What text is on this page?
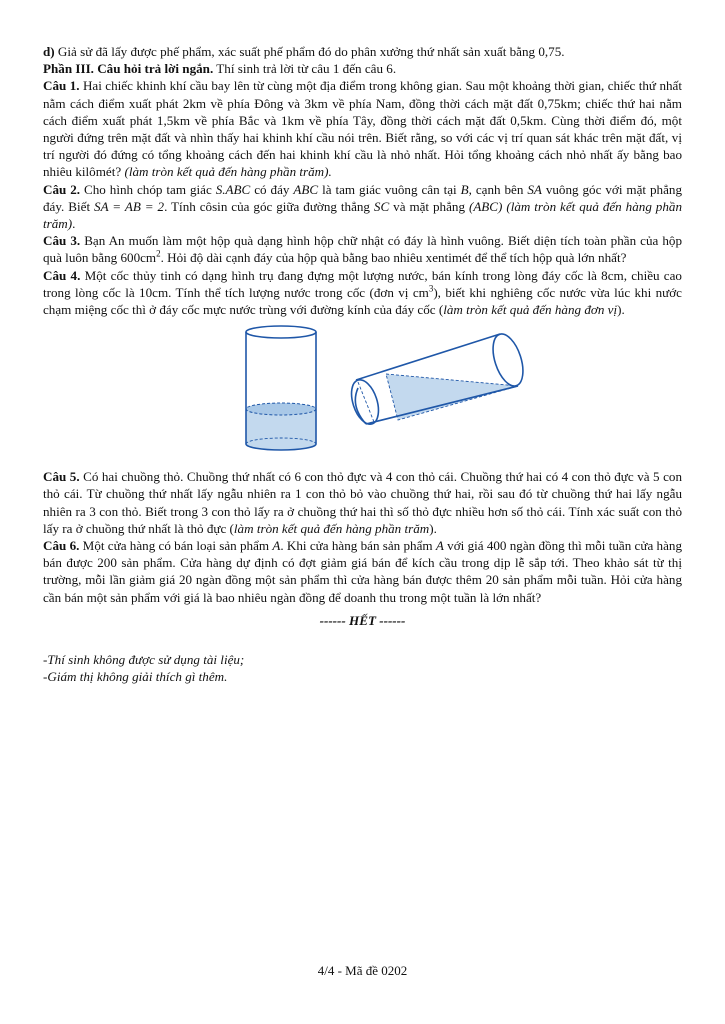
d) Giả sử đã lấy được phế phẩm, xác suất phế phẩm đó do phân xưởng thứ nhất sản xuất bằng 0,75.

Phần III. Câu hỏi trả lời ngắn. Thí sinh trả lời từ câu 1 đến câu 6.

Câu 1. Hai chiếc khinh khí cầu bay lên từ cùng một địa điểm trong không gian. Sau một khoảng thời gian, chiếc thứ nhất nằm cách điểm xuất phát 2km về phía Đông và 3km về phía Nam, đồng thời cách mặt đất 0,75km; chiếc thứ hai nằm cách điểm xuất phát 1,5km về phía Bắc và 1km về phía Tây, đồng thời cách mặt đất 0,5km. Cùng thời điểm đó, một người đứng trên mặt đất và nhìn thấy hai khinh khí cầu nói trên. Biết rằng, so với các vị trí quan sát khác trên mặt đất, vị trí người đó đứng có tổng khoảng cách đến hai khinh khí cầu là nhỏ nhất. Hỏi tổng khoảng cách nhỏ nhất ấy bằng bao nhiêu kilômét? (làm tròn kết quả đến hàng phần trăm).

Câu 2. Cho hình chóp tam giác S.ABC có đáy ABC là tam giác vuông cân tại B, cạnh bên SA vuông góc với mặt phẳng đáy. Biết SA = AB = 2. Tính côsin của góc giữa đường thẳng SC và mặt phẳng (ABC) (làm tròn kết quả đến hàng phần trăm).

Câu 3. Bạn An muốn làm một hộp quà dạng hình hộp chữ nhật có đáy là hình vuông. Biết diện tích toàn phần của hộp quà luôn bằng $600cm^2$. Hỏi độ dài cạnh đáy của hộp quà bằng bao nhiêu xentimét để thể tích hộp quà lớn nhất?

Câu 4. Một cốc thủy tinh có dạng hình trụ đang đựng một lượng nước, bán kính trong lòng đáy cốc là 8cm, chiều cao trong lòng cốc là 10cm. Tính thể tích lượng nước trong cốc (đơn vị $cm^3$), biết khi nghiêng cốc nước vừa lúc khi nước chạm miệng cốc thì ở đáy cốc mực nước trùng với đường kính của đáy cốc (làm tròn kết quả đến hàng đơn vị).

Câu 5. Có hai chuồng thỏ. Chuồng thứ nhất có 6 con thỏ đực và 4 con thỏ cái. Chuồng thứ hai có 4 con thỏ đực và 5 con thỏ cái. Từ chuồng thứ nhất lấy ngẫu nhiên ra 1 con thỏ bỏ vào chuồng thứ hai, rồi sau đó từ chuồng thứ hai lấy ngẫu nhiên ra 3 con thỏ. Biết trong 3 con thỏ lấy ra ở chuồng thứ hai thì số thỏ đực nhiều hơn số thỏ cái. Tính xác suất con thỏ lấy ra ở chuồng thứ nhất là thỏ đực (làm tròn kết quả đến hàng phần trăm).

Câu 6. Một cửa hàng có bán loại sản phẩm A. Khi cửa hàng bán sản phẩm A với giá 400 ngàn đồng thì mỗi tuần cửa hàng bán được 200 sản phẩm. Cửa hàng dự định có đợt giảm giá bán để kích cầu trong dịp lễ sắp tới. Theo khảo sát từ thị trường, mỗi lần giảm giá 20 ngàn đồng một sản phẩm thì cửa hàng bán được thêm 20 sản phẩm mỗi tuần. Hỏi cửa hàng cần bán một sản phẩm với giá là bao nhiêu ngàn đồng để doanh thu trong một tuần là lớn nhất?

------ HẾT ------

-Thí sinh không được sử dụng tài liệu;

-Giám thị không giải thích gì thêm.

4/4 - Mã đề 0202
